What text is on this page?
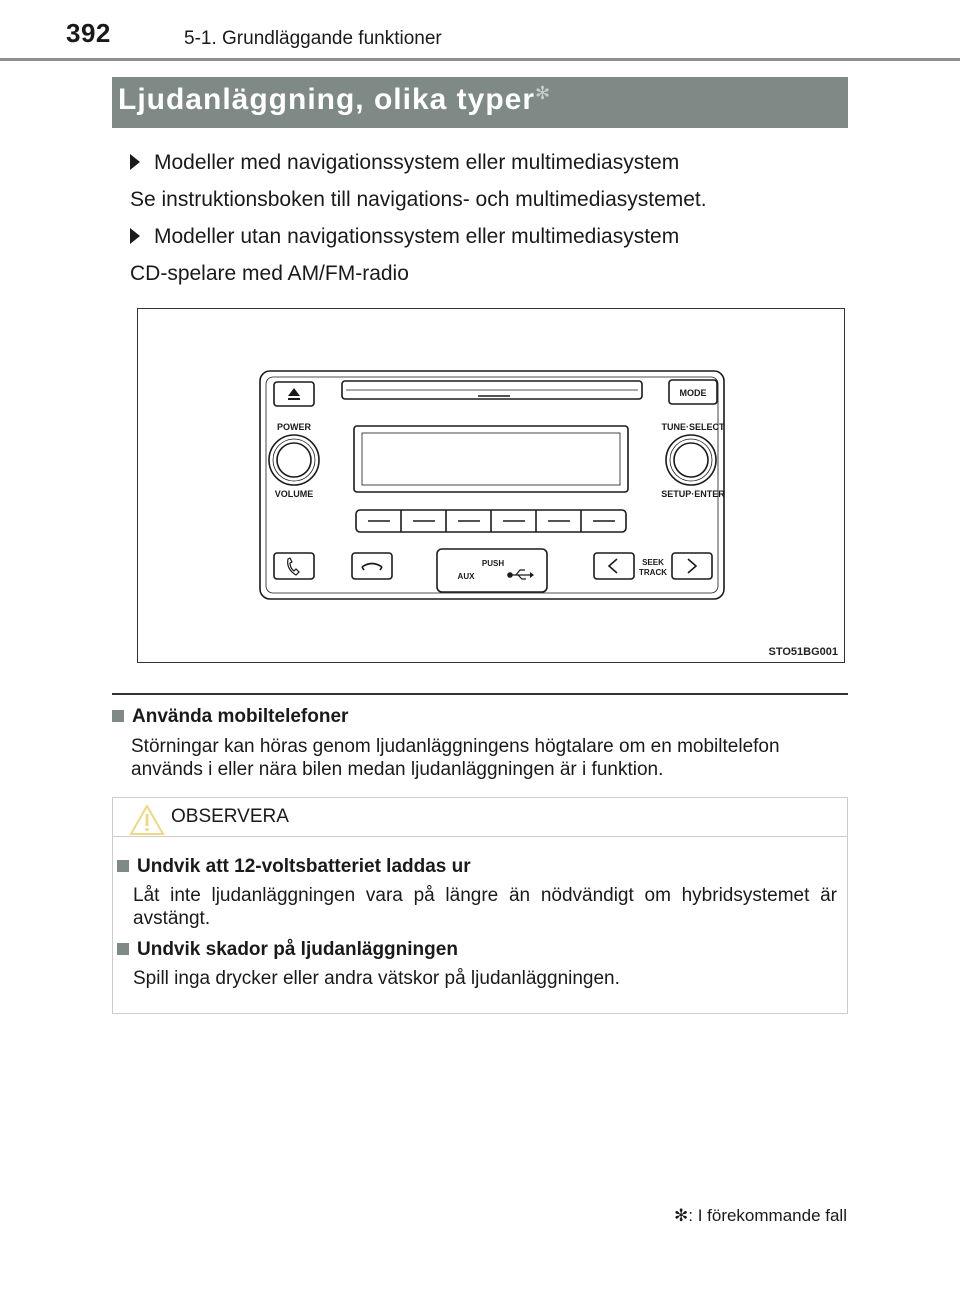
392	5-1. Grundläggande funktioner
Ljudanläggning, olika typer✻
Modeller med navigationssystem eller multimediasystem
Se instruktionsboken till navigations- och multimediasystemet.
Modeller utan navigationssystem eller multimediasystem
CD-spelare med AM/FM-radio
POWER
VOLUME
MODE
TUNE·SELECT
SETUP·ENTER
PUSH
AUX
SEEK
TRACK
STO51BG001
Använda mobiltelefoner
Störningar kan höras genom ljudanläggningens högtalare om en mobiltelefon används i eller nära bilen medan ljudanläggningen är i funktion.
OBSERVERA
Undvik att 12-voltsbatteriet laddas ur
Låt inte ljudanläggningen vara på längre än nödvändigt om hybridsystemet är avstängt.
Undvik skador på ljudanläggningen
Spill inga drycker eller andra vätskor på ljudanläggningen.
✻: I förekommande fall
